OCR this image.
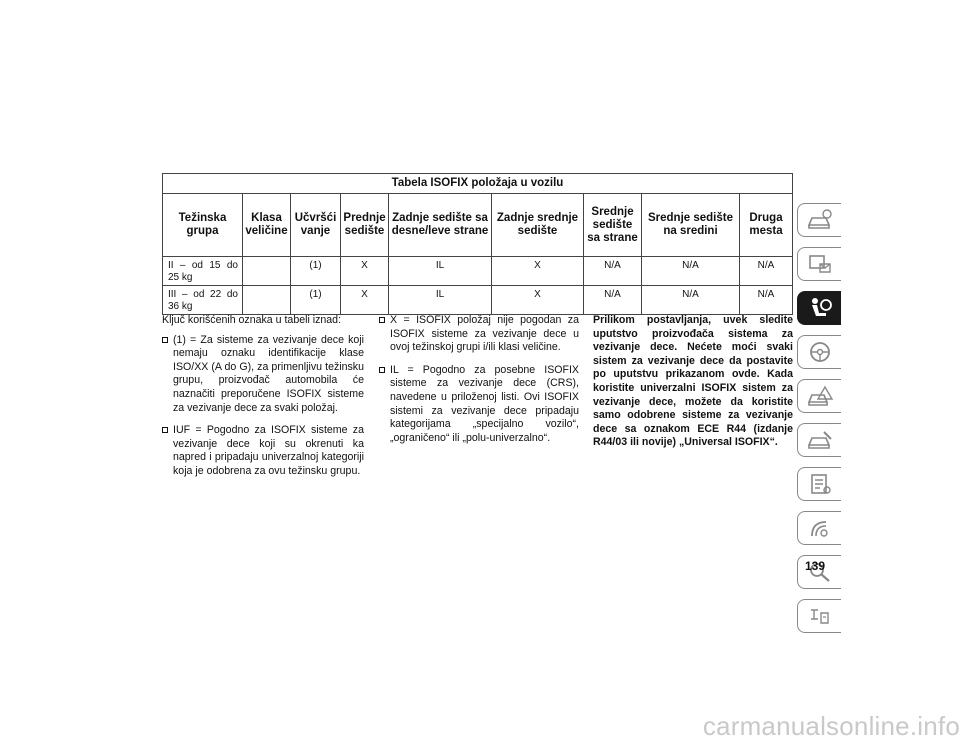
Tabela ISOFIX položaja u vozilu								
Težinska grupa	Klasa veličine	Učvršći vanje	Prednje sedište	Zadnje sedište sa desne/leve strane	Zadnje srednje sedište	Srednje sedište sa strane	Srednje sedište na sredini	Druga mesta

II – od 15 do
25 kg		(1)	X	IL	X	N/A	N/A	N/A

III – od 22 do
36 kg		(1)	X	IL	X	N/A	N/A	N/A

Ključ korišćenih oznaka u tabeli iznad:

(1) = Za sisteme za vezivanje dece koji nemaju oznaku identifikacije klase ISO/XX (A do G), za primenljivu težinsku grupu, proizvođač automobila će naznačiti preporučene ISOFIX sisteme za vezivanje dece za svaki položaj.
IUF = Pogodno za ISOFIX sisteme za vezivanje dece koji su okrenuti ka napred i pripadaju univerzalnoj kategoriji koja je odobrena za ovu težinsku grupu.
X = ISOFIX položaj nije pogodan za ISOFIX sisteme za vezivanje dece u ovoj težinskoj grupi i/ili klasi veličine.
IL = Pogodno za posebne ISOFIX sisteme za vezivanje dece (CRS), navedene u priloženoj listi. Ovi ISOFIX sistemi za vezivanje dece pripadaju kategorijama „specijalno vozilo“, „ograničeno“ ili „polu-univerzalno“.

Prilikom postavljanja, uvek sledite uputstvo proizvođača sistema za vezivanje dece. Nećete moći svaki sistem za vezivanje dece da postavite po uputstvu prikazanom ovde. Kada koristite univerzalni ISOFIX sistem za vezivanje dece, možete da koristite samo odobrene sisteme za vezivanje dece sa oznakom ECE R44 (izdanje R44/03 ili novije) „Universal ISOFIX“.

139
carmanualsonline.info
